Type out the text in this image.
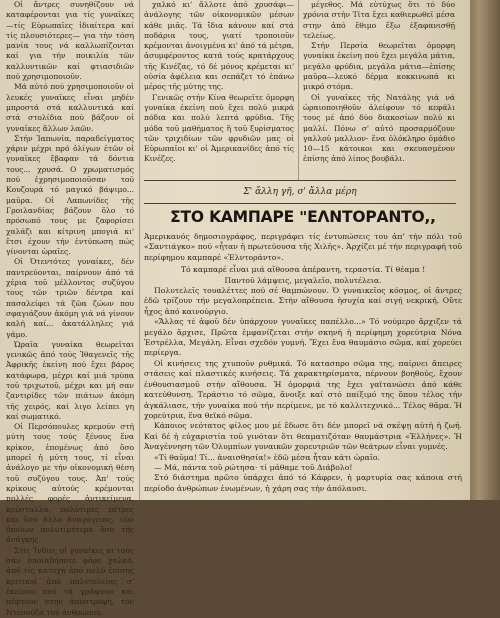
Οἱ ἄντρες συνηθίζουν νά καταφέρονται για τίς γυναῖκες —τίς Εὐρωπαῖες ἰδιαίτερα καί τίς πλουσιότερες— για τὴν τόση μανία τους νά καλλωπίζονται καί για τήν ποικιλία τῶν καλλυντικῶν καί φτιασιδιῶν πού χρησιμοποιοῦν.

Μά αὐτό πού χρησιμοποιοῦν οἱ λευκές γυναῖκες εἶναι μηδέν μπροστά στά καλλυντικά καί στά στολίδια πού βάζουν οἱ γυναῖκες ἄλλων λαῶν.

Στήν Ἰαπωνία, παραδείγματος χάριν μέχρι πρό ὀλίγων ἐτῶν οἱ γυναῖκες ἔβαφαν τά δόντια τους... χρυσά. Ο χρωματισμός πού ἐχρησιμοποιοῦσαν τοῦ Κουζουρά τό μαγικό βάψιμο... μαῦρα. Οἱ Λαπωνίδες τῆς Γροιλανδίας βάζουν ὅλο τό πρόσωπό τους με ζαφορίσει χαλάζι και κίτρινη μπογιά κι' ἔτσι έχουν τήν ἐντύπωση πώς γίνονται ὡραῖες.

Οἱ Ὀτεντότες γυναίκες, δέν παντρεύονται, παίρνουν ἀπό τά χέρια τοῦ μέλλοντος συζύγου τους τῶν τριῶν δέντρα καί πασαλείφει τά ζῶα ζώων που σφαγιάζουν ἀκόμη γιά νά γίνουν καλή καί... ἀκατάλληλες γιά γάμο.

Ὡραῖα γυναίκα θεωρεῖται γενικῶς ἀπό τούς Ἰθαγενεῖς τῆς Ἀφρικῆς ἐκείνη πού ἔχει βάρος κατάφωρα, μέχρι καί μιά τρύπα τοῦ τριχωτοῦ, μέχρι και μή σαν ζαντιρίδες τῶν πιάτων ἀκόμη τῆς χειρός, καί λιγο λείπει γη καί σωματικό.

Οἱ Περσόπουλες κρεμούν στή μύτη τους τούς ξένους ἕνα κρίκον, ἑπομένως ἀπό ὅσο μπορεῖ ἡ μύτη τους, τί εἶναι ἀνάλογο με τήν οἰκονομική θέση τοῦ συζύγου τους. Ἀπ' τούς κρίκους αὐτούς κρέμονται πολλές φορές ἀντικείμενα, κρύσταλλα, πολύτιμες πέτρες και ὅσο ἀλλο ἀναγάγειας, τῶν ὁποίων πολυτιμότερα ὅσο τῆς ἀνάγκης.

Στίς Ἰνδίες οἱ γυναῖκες κι τούς σαν ὁποιαδήποτε φόρο χαλκό, ἀπό τίς κατοχή ἀπό πολύ ἐπίσης κριτικοί ἀπό πολυτελείας σ' ἐκείνου πού τά γράψουν και πέφτουν στην ἀποστροφή, τόν Ντεσούζα τοῦ ἀνθρώπου.

χαλκό κι' ἄλλοτε ἀπό χρυσάφι—ἀνάλογης τῶν οἰκονομικῶν μέσων κάθε μιᾶς. Τά ἴδια κάνουν καί στά ποδάρια τους, γιατί τροποιοῦν κρέμονται ἀνοιγμένα κι' ἀπό τά μέτρα, ἀσυμφέροντος κατά τούς κρατάρχους τῆς Κινέζας, τό δέ μόνος κρέμεται κι' οὐσία ἀφέλεια και σεπάζετ τό ἐπάνω μέρος τῆς μύτης της.

Γενικῶς στήν Κίνα θεωρεῖτε ὁμορφη γυναίκα ἐκείνη πού ἔχει πολύ μικρά πόδια και πολύ λεπτά φρύδια. Τῆς μόδα τοῦ μαθήματος ἢ τοῦ ξυρίσματος τῶν τριχιδίων τῶν φρυδιῶν μας οἱ Εὐρωπαῖοι κι' οἱ Ἀμερικανίδες ἀπό τίς Κινέζες.

μέγεθος. Μά εὐτύχως ὅτι τό δύο χρόνια στήν Τίτα ἔχει καθιερωθεῖ μέσα στην ἀπό ἕθιμο ἔξω ἐξαφανισθῇ τελείως.

Στήν Περσία θεωρεῖται ὁμορφη γυναίκα ἐκείνη πού ἔχει μεγάλα μάτια, μεγάλο φρύδια, μεγάλα μάτια—ἐπίσης μαῦρα—λευκό δέρμα κοκκινωπά κι μικρό στόμα.

Οἱ γυναῖκες τῆς Νατάλης γιά νά ὡραιοποιηθοῦν ἀλείφουν τό κεφάλι τους μέ ἀπό δύο διακοσίων πολύ κι μαλλί. Πόνω σ' αὐτό προσαρμόζουν γαλλοὐ μαλλιον- ἕνα ὁλόκληρο ὁμάδιο 10—15 κάτοικοι και σκευασμένον ἐπίσης ἀπό λίπος βουβάλι.

Σ' ἄλλη γῆ, σ' ἄλλα μέρη
ΣΤΟ ΚΑΜΠΑΡΕ "ΕΛΝΤΟΡΑΝΤΟ,,

Ἀμερικανός δημοσιογράφος, περιγράφει τίς ἐντυπώσεις του ἀπ' τήν πόλι τοῦ «Σαντιάγκο» πού «ἦταν ἡ πρωτεύουσα τῆς Χιλῆς». Ἀρχίζει μέ τήν περιγραφή τοῦ περίφημου καμπαρέ «Ἐλντοράντο».

Τό καμπαρέ εἶναι μιά αἴθουσα ἀπέραντη, τεραστία. Τί θέαμα !

Παντοῦ λάμψεις, μεγαλεῖο, πολυτέλεια.

Πολυτελεῖς τουαλέττες πού σέ θαμπώνουν. Ὁ γυναικεῖος κόσμος, οἱ ἄντρες ἐδῶ τρίζουν τήν μεγαλοπρέπεια. Στήν αἴθουσα ἡσυχία καί σιγή νεκρική. Οὔτε ἦχος ἀπό καινούργιο.

«Ἄλλας τέ ἀφοῦ δέν ὑπάρχουν γυναῖκες παπέλλο...» Τό νούμερο ἄρχιζεν τά μεγάλο ἄρχισε, Πρῶτα ἐμφανίζεται στήν σκηνή ἡ περίφημη χορεύτρια Νόνα Ἐστρέλλα, Μεγάλη. Εἶναι σχεδόν γυμνή. Ἔχει ἕνα θαυμάσιο σῶμα, καί χορεύει περίεργα.

Οἱ κινήσεις της χτυποῦν ρυθμικά. Τό κατασπρο σῶμα της, παίρνει ἄπειρες στάσεις καί πλαστικές κινήσεις. Τά χαρακτηρίσματα, πέρνουν βοηθούς, ἔχουν ἐνθουσιασμοῦ στήν αἴθουσα. Ἡ ὁμορφιά της ἔχει γαϊτανώσει ἀπό κάθε κατεύθυνση. Τεράστιο τό σῶμα, ἄνοιξε καί στό παίξιμό της ὅπου τέλος τήν ἀγκάλιασε, τήν γυναίκα πού τήν περίμενε, με τό καλλιτεχνικό... Τέλος θᾶμα. Ἡ χορεύτρια, ἕνα θεϊκό σῶμα.

Κάποιος νεότατος φίλος μου μέ ἔδωσε ὅτι δέν μπορεῖ νά σκέψῃ αὐτή ἡ ζωή. Καί δέ ἡ εὐχαριστία τοῦ γινόταν ὅτι θεαματιζόταν θαυμάστρια «Ἑλλήνες». Ἡ Ἀναγέννηση τῶν Ὀλυμπίων γυναικῶν χορευτριῶν τῶν θεάτρων εἶναι γυμνές.

«Τί θαῦμα! Τί... ἀναισθησία!» ἐδῶ μέσα ἦταν κάτι ὡραῖο.

— Μά, πάντα τοῦ ρώτησα· τί μάθαμε τοῦ Διάβολο!

Στό διάστημα πρῶτο ὑπάρχει ἀπό τό Κάφρεν, ἡ μαρτυρία σας κάποια στή περίοδο ἀνθρώπων ἑνωμένων, ἡ χάρη σας τήν ἀπόλαυσι.
